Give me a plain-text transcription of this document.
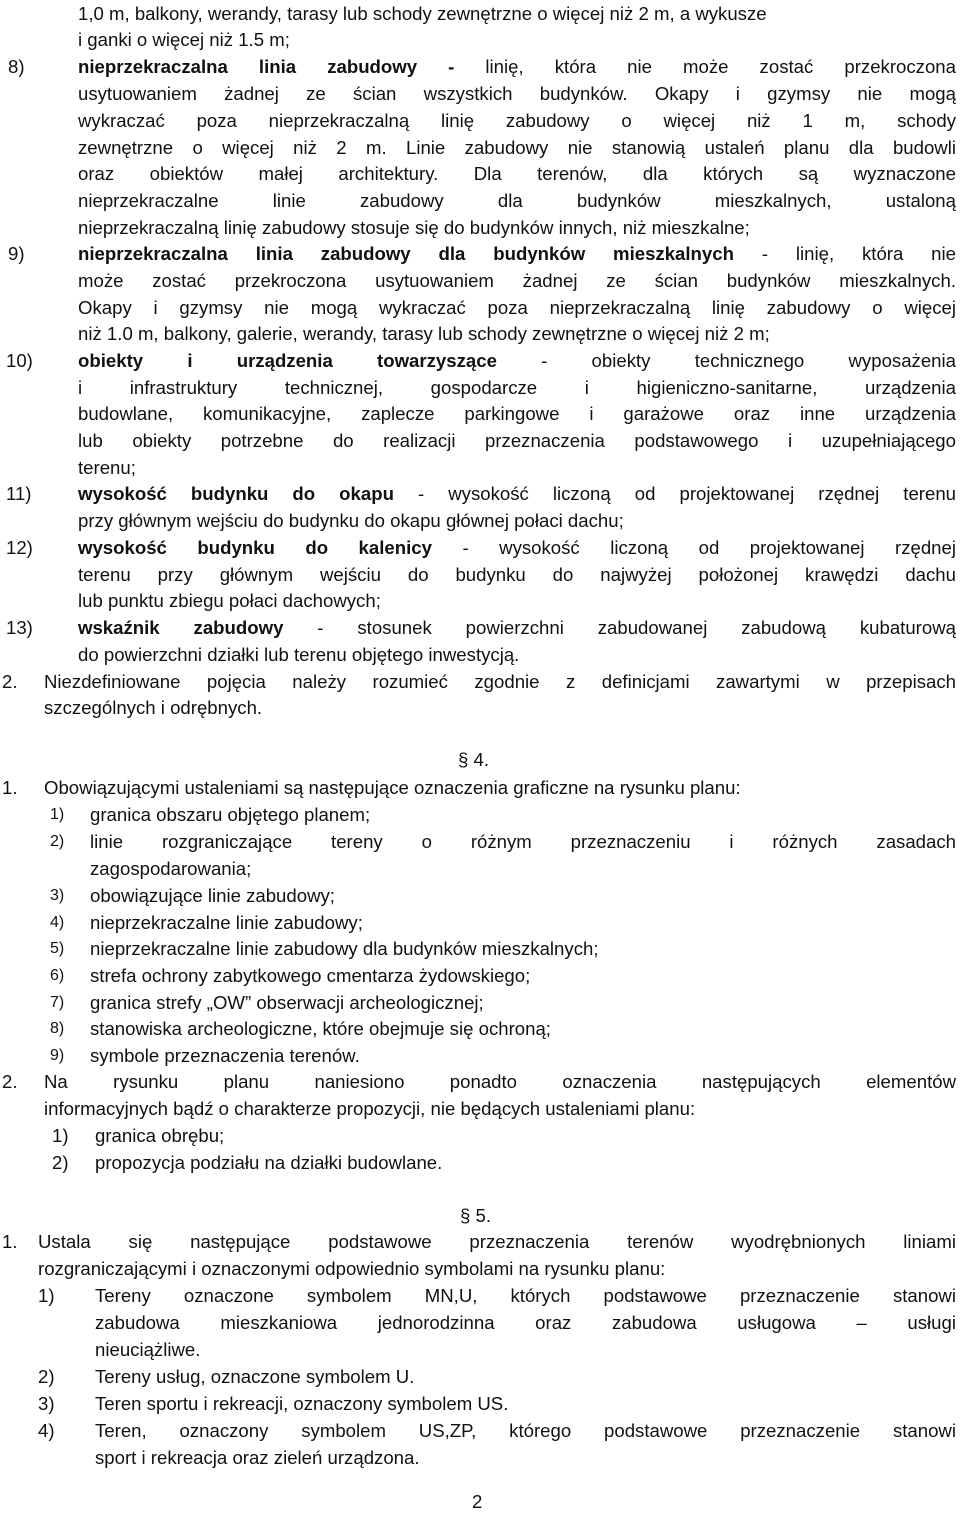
1,0 m, balkony, werandy, tarasy lub schody zewnętrzne o więcej niż 2 m, a wykusze
i ganki o więcej niż 1.5 m;
8)	nieprzekraczalna linia zabudowy - linię, która nie może zostać przekroczona
usytuowaniem żadnej ze ścian wszystkich budynków. Okapy i gzymsy nie mogą
wykraczać poza nieprzekraczalną linię zabudowy o więcej niż 1 m, schody
zewnętrzne o więcej niż 2 m. Linie zabudowy nie stanowią ustaleń planu dla budowli
oraz obiektów małej architektury. Dla terenów, dla których są wyznaczone
nieprzekraczalne linie zabudowy dla budynków mieszkalnych, ustaloną
nieprzekraczalną linię zabudowy stosuje się do budynków innych, niż mieszkalne;
9)	nieprzekraczalna linia zabudowy dla budynków mieszkalnych - linię, która nie
może zostać przekroczona usytuowaniem żadnej ze ścian budynków mieszkalnych.
Okapy i gzymsy nie mogą wykraczać poza nieprzekraczalną linię zabudowy o więcej
niż 1.0 m, balkony, galerie, werandy, tarasy lub schody zewnętrzne o więcej niż 2 m;
10) obiekty i urządzenia towarzyszące - obiekty technicznego wyposażenia
i infrastruktury technicznej, gospodarcze i higieniczno-sanitarne, urządzenia
budowlane, komunikacyjne, zaplecze parkingowe i garażowe oraz inne urządzenia
lub obiekty potrzebne do realizacji przeznaczenia podstawowego i uzupełniającego
terenu;
11)	wysokość budynku do okapu - wysokość liczoną od projektowanej rzędnej terenu
przy głównym wejściu do budynku do okapu głównej połaci dachu;
12) wysokość budynku do kalenicy - wysokość liczoną od projektowanej rzędnej
terenu przy głównym wejściu do budynku do najwyżej położonej krawędzi dachu
lub punktu zbiegu połaci dachowych;
13) wskaźnik zabudowy - stosunek powierzchni zabudowanej zabudową kubaturową
do powierzchni działki lub terenu objętego inwestycją.
2. Niezdefiniowane pojęcia należy rozumieć zgodnie z definicjami zawartymi w przepisach
szczególnych i odrębnych.
§ 4.
1. Obowiązującymi ustaleniami są następujące oznaczenia graficzne na rysunku planu:
1) granica obszaru objętego planem;
2) linie rozgraniczające tereny o różnym przeznaczeniu i różnych zasadach
zagospodarowania;
3) obowiązujące linie zabudowy;
4) nieprzekraczalne linie zabudowy;
5) nieprzekraczalne linie zabudowy dla budynków mieszkalnych;
6) strefa ochrony zabytkowego cmentarza żydowskiego;
7) granica strefy „OW” obserwacji archeologicznej;
8) stanowiska archeologiczne, które obejmuje się ochroną;
9) symbole przeznaczenia terenów.
2. Na rysunku planu naniesiono ponadto oznaczenia następujących elementów
informacyjnych bądź o charakterze propozycji, nie będących ustaleniami planu:
1) granica obrębu;
2) propozycja podziału na działki budowlane.
§ 5.
1. Ustala się następujące podstawowe przeznaczenia terenów wyodrębnionych liniami
rozgraniczającymi i oznaczonymi odpowiednio symbolami na rysunku planu:
1) Tereny oznaczone symbolem MN,U, których podstawowe przeznaczenie stanowi
zabudowa mieszkaniowa jednorodzinna oraz zabudowa usługowa – usługi
nieuciążliwe.
2) Tereny usług, oznaczone symbolem U.
3) Teren sportu i rekreacji, oznaczony symbolem US.
4) Teren, oznaczony symbolem US,ZP, którego podstawowe przeznaczenie stanowi
sport i rekreacja oraz zieleń urządzona.
2
